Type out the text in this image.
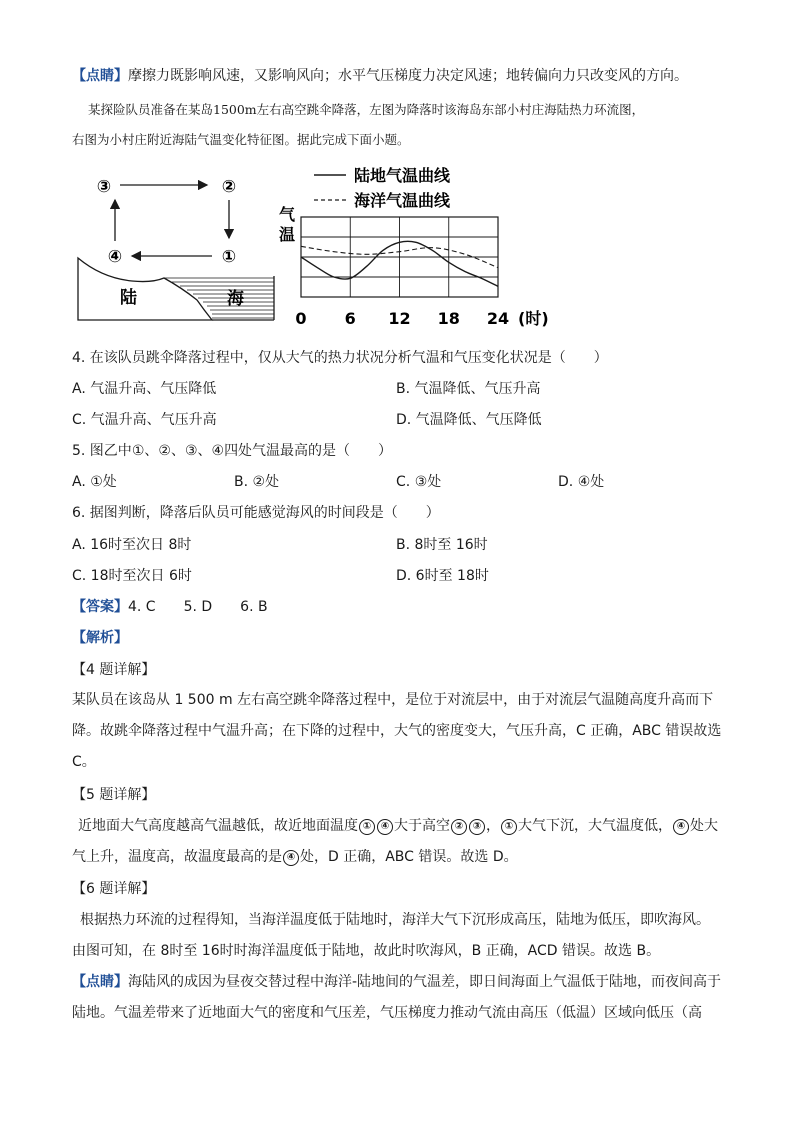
【点睛】摩擦力既影响风速，又影响风向；水平气压梯度力决定风速；地转偏向力只改变风的方向。
某探险队员准备在某岛1500m左右高空跳伞降落，左图为降落时该海岛东部小村庄海陆热力环流图，
右图为小村庄附近海陆气温变化特征图。据此完成下面小题。
③	②
④	①
陆	海
陆地气温曲线
海洋气温曲线
气
温
0 6 12 18 24 (时)
4. 在该队员跳伞降落过程中，仅从大气的热力状况分析气温和气压变化状况是（　　）
A. 气温升高、气压降低	B. 气温降低、气压升高
C. 气温升高、气压升高	D. 气温降低、气压降低
5. 图乙中①、②、③、④四处气温最高的是（　　）
A. ①处	B. ②处	C. ③处	D. ④处
6. 据图判断，降落后队员可能感觉海风的时间段是（　　）
A. 16时至次日 8时	B. 8时至 16时
C. 18时至次日 6时	D. 6时至 18时
【答案】4. C　　5. D　　6. B
【解析】
【4 题详解】
某队员在该岛从 1 500 m 左右高空跳伞降落过程中，是位于对流层中，由于对流层气温随高度升高而下
降。故跳伞降落过程中气温升高；在下降的过程中，大气的密度变大，气压升高，C 正确，ABC 错误故选
C。
【5 题详解】
近地面大气高度越高气温越低，故近地面温度 ① ④ 大于高空 ② ③ ， ① 大气下沉，大气温度低， ④ 处大
气上升，温度高，故温度最高的是 ④ 处，D 正确，ABC 错误。故选 D。
【6 题详解】
根据热力环流的过程得知，当海洋温度低于陆地时，海洋大气下沉形成高压，陆地为低压，即吹海风。
由图可知，在 8时至 16时时海洋温度低于陆地，故此时吹海风，B 正确，ACD 错误。故选 B。
【点睛】海陆风的成因为昼夜交替过程中海洋-陆地间的气温差，即日间海面上气温低于陆地，而夜间高于
陆地。气温差带来了近地面大气的密度和气压差，气压梯度力推动气流由高压（低温）区域向低压（高
